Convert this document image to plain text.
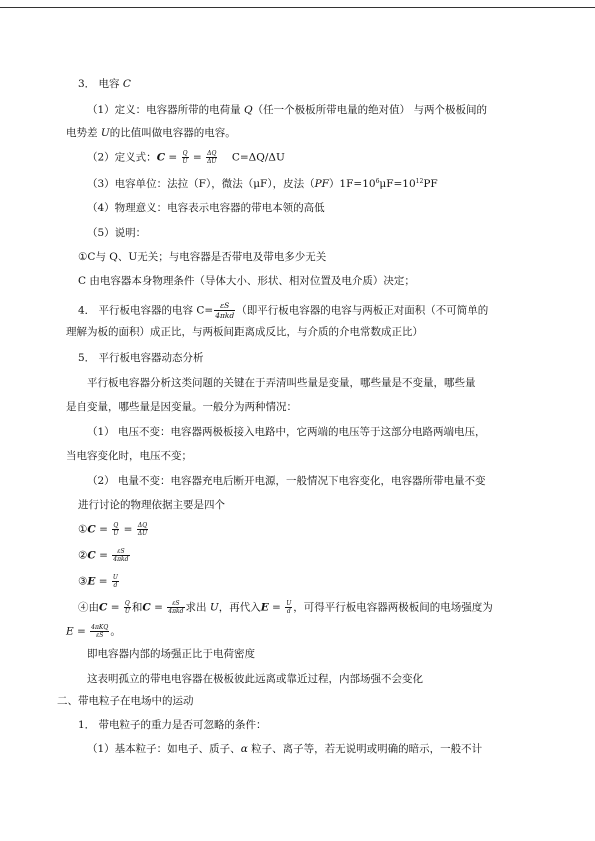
3． 电容 C
（1）定义：电容器所带的电荷量 Q（任一个极板所带电量的绝对值） 与两个极板间的
电势差 U的比值叫做电容器的电容。
（2）定义式：$C = \frac{Q}{U} = \frac{\Delta Q}{\Delta U} C=\Delta Q/\Delta U$
（3）电容单位：法拉（F），微法（μF），皮法$(PF)1F=10^6\mu F=10^{12}PF$
（4）物理意义：电容表示电容器的带电本领的高低
（5）说明：
①C与 Q、U无关；与电容器是否带电及带电多少无关
C 由电容器本身物理条件（导体大小、形状、相对位置及电介质）决定；
4． 平行板电容器的电容 $C= \frac{\varepsilon S}{\text{4πkd}}$ （即平行板电容器的电容与两板正对面积（不可简单的
理解为板的面积）成正比，与两板间距离成反比，与介质的介电常数成正比）
5． 平行板电容器动态分析
平行板电容器分析这类问题的关键在于弄清叫些量是变量，哪些量是不变量，哪些量
是自变量，哪些量是因变量。一般分为两种情况：
（1） 电压不变：电容器两极板接入电路中，它两端的电压等于这部分电路两端电压，
当电容变化时，电压不变；
（2） 电量不变：电容器充电后断开电源，一般情况下电容变化，电容器所带电量不变
进行讨论的物理依据主要是四个
①C = $\frac{Q}{U} = \frac{\Delta Q}{\Delta U}$
②C = $\frac{\varepsilon S}{\text{4πkd}}$
③E = $\frac{U}{d}$
④由$C = \frac{Q}{U}$ 和$C = \frac{\varepsilon S}{\text{4πkd}}$ 求出 U，再代入$E = \frac{U}{d}$ ，可得平行板电容器两极板间的电场强度为
$E = \frac{\text{4πKQ}}{\varepsilon S}$ 。
即电容器内部的场强正比于电荷密度
这表明孤立的带电电容器在极板彼此远离或靠近过程，内部场强不会变化
二、带电粒子在电场中的运动
1． 带电粒子的重力是否可忽略的条件：
（1）基本粒子：如电子、质子、α 粒子、离子等，若无说明或明确的暗示，一般不计
